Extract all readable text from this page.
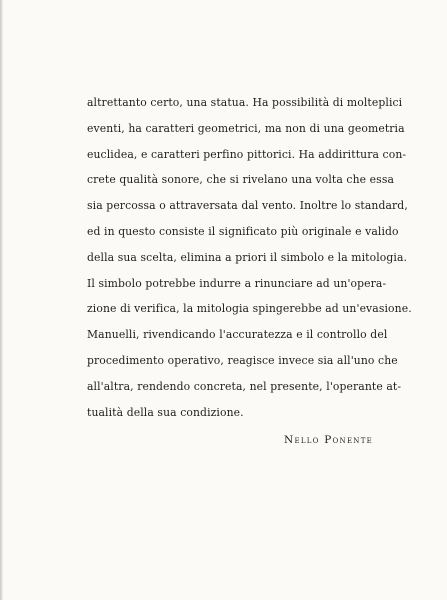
altrettanto certo, una statua. Ha possibilità di molteplici
eventi, ha caratteri geometrici, ma non di una geometria
euclidea, e caratteri perfino pittorici. Ha addirittura con-
crete qualità sonore, che si rivelano una volta che essa
sia percossa o attraversata dal vento. Inoltre lo standard,
ed in questo consiste il significato più originale e valido
della sua scelta, elimina a priori il simbolo e la mitologia.
Il simbolo potrebbe indurre a rinunciare ad un'opera-
zione di verifica, la mitologia spingerebbe ad un'evasione.
Manuelli, rivendicando l'accuratezza e il controllo del
procedimento operativo, reagisce invece sia all'uno che
all'altra, rendendo concreta, nel presente, l'operante at-
tualità della sua condizione.
Nello Ponente
